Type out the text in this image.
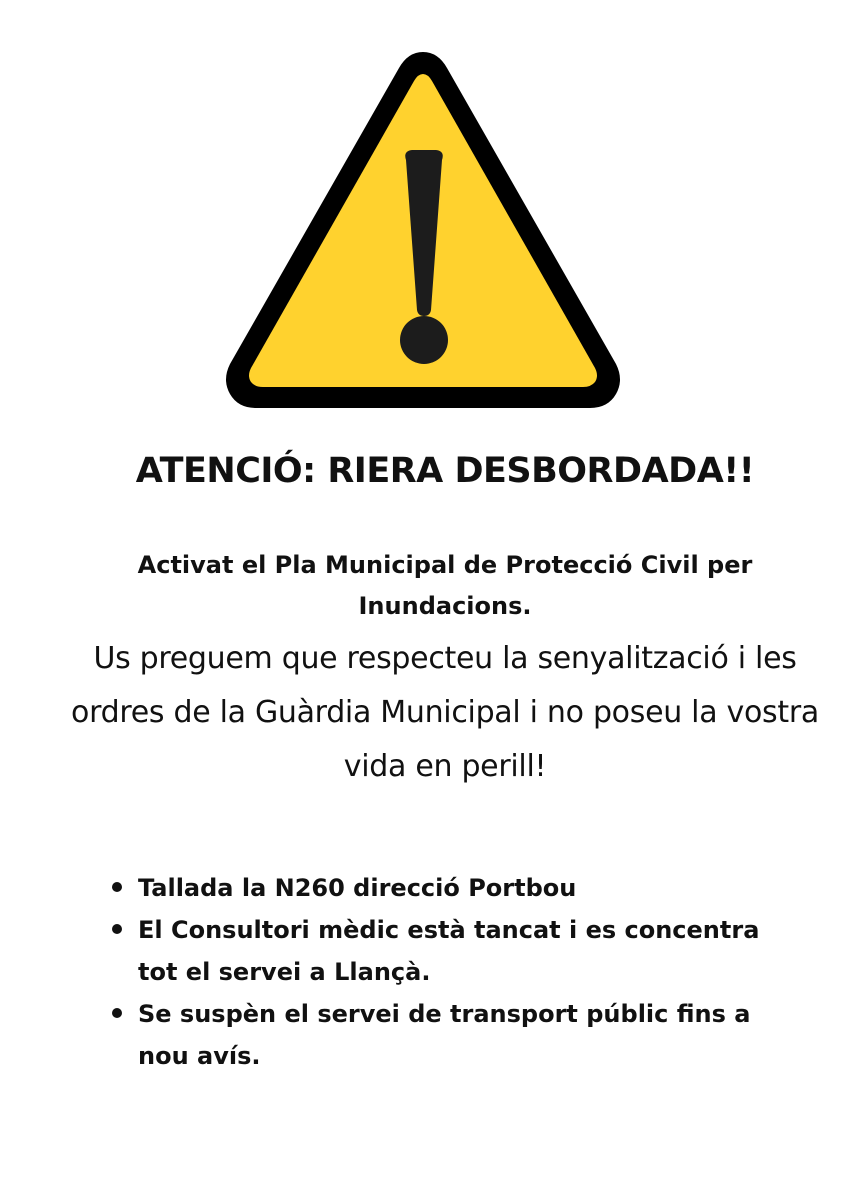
ATENCIÓ: RIERA DESBORDADA!!

Activat el Pla Municipal de Protecció Civil per Inundacions.

Us preguem que respecteu la senyalització i les ordres de la Guàrdia Municipal i no poseu la vostra vida en perill!

Tallada la N260 direcció Portbou
El Consultori mèdic està tancat i es concentra tot el servei a Llançà.
Se suspèn el servei de transport públic fins a nou avís.
